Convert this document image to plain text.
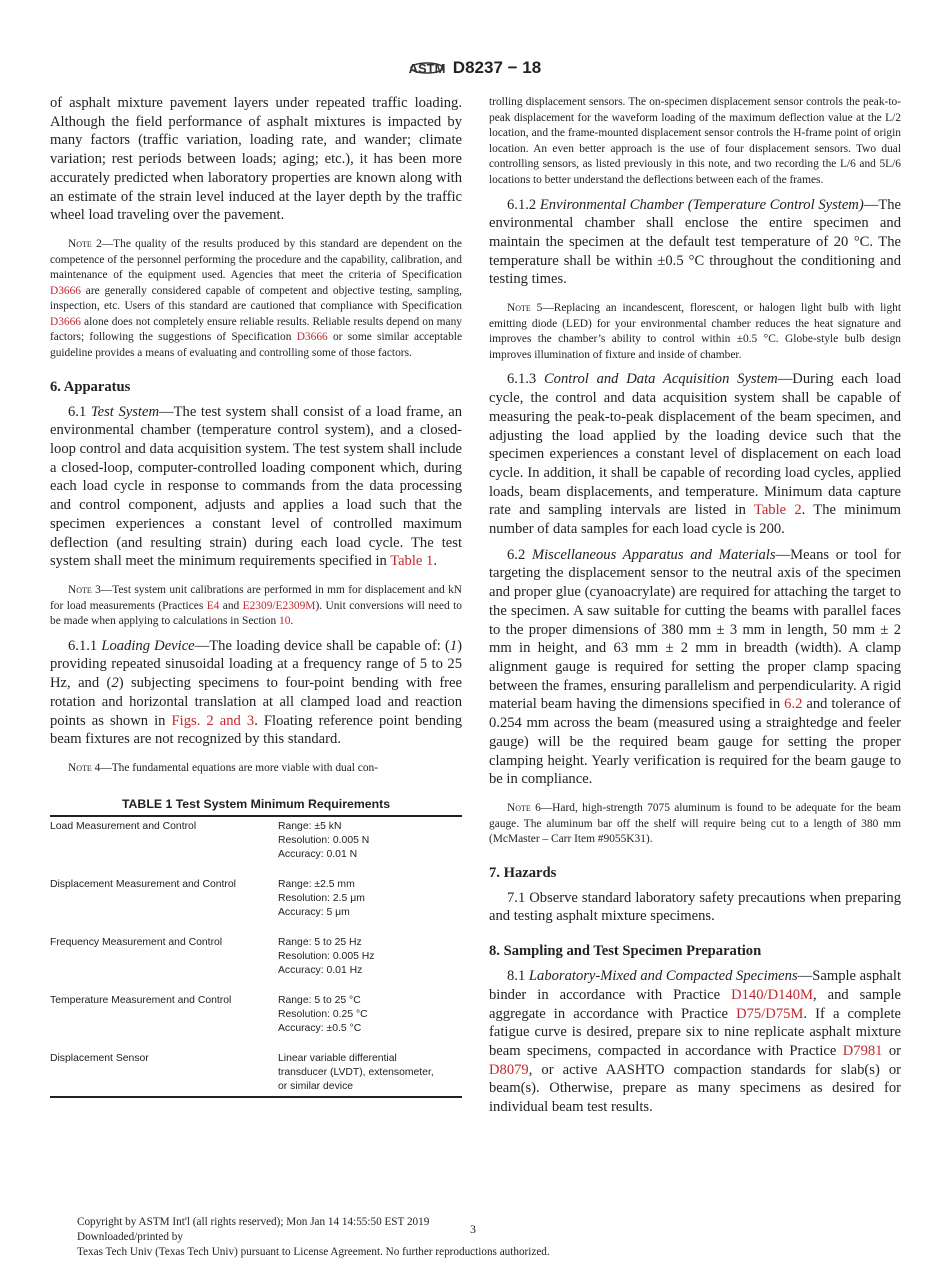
ASTM D8237 − 18

of asphalt mixture pavement layers under repeated traffic loading. Although the field performance of asphalt mixtures is impacted by many factors (traffic variation, loading rate, and wander; climate variation; rest periods between loads; aging; etc.), it has been more accurately predicted when laboratory properties are known along with an estimate of the strain level induced at the layer depth by the traffic wheel load traveling over the pavement.

Note 2—The quality of the results produced by this standard are dependent on the competence of the personnel performing the procedure and the capability, calibration, and maintenance of the equipment used. Agencies that meet the criteria of Specification D3666 are generally considered capable of competent and objective testing, sampling, inspection, etc. Users of this standard are cautioned that compliance with Specification D3666 alone does not completely ensure reliable results. Reliable results depend on many factors; following the suggestions of Specification D3666 or some similar acceptable guideline provides a means of evaluating and controlling some of those factors.

6. Apparatus

6.1 Test System—The test system shall consist of a load frame, an environmental chamber (temperature control system), and a closed-loop control and data acquisition system. The test system shall include a closed-loop, computer-controlled loading component which, during each load cycle in response to commands from the data processing and control component, adjusts and applies a load such that the specimen experiences a constant level of controlled maximum deflection (and resulting strain) during each load cycle. The test system shall meet the minimum requirements specified in Table 1.

Note 3—Test system unit calibrations are performed in mm for displacement and kN for load measurements (Practices E4 and E2309/E2309M). Unit conversions will need to be made when applying to calculations in Section 10.

6.1.1 Loading Device—The loading device shall be capable of: (1) providing repeated sinusoidal loading at a frequency range of 5 to 25 Hz, and (2) subjecting specimens to four-point bending with free rotation and horizontal translation at all clamped load and reaction points as shown in Figs. 2 and 3. Floating reference point bending beam fixtures are not recognized by this standard.

Note 4—The fundamental equations are more viable with dual con-

TABLE 1 Test System Minimum Requirements
Load Measurement and Control	Range: ±5 kN
Resolution: 0.005 N
Accuracy: 0.01 N

Displacement Measurement and Control	Range: ±2.5 mm
Resolution: 2.5 μm
Accuracy: 5 μm

Frequency Measurement and Control	Range: 5 to 25 Hz
Resolution: 0.005 Hz
Accuracy: 0.01 Hz

Temperature Measurement and Control	Range: 5 to 25 °C
Resolution: 0.25 °C
Accuracy: ±0.5 °C

Displacement Sensor	Linear variable differential
transducer (LVDT), extensometer,
or similar device

trolling displacement sensors. The on-specimen displacement sensor controls the peak-to-peak displacement for the waveform loading of the maximum deflection value at the L/2 location, and the frame-mounted displacement sensor controls the H-frame point of origin location. An even better approach is the use of four displacement sensors. Two dual controlling sensors, as listed previously in this note, and two recording the L/6 and 5L/6 locations to better understand the deflections between each of the frames.

6.1.2 Environmental Chamber (Temperature Control System)—The environmental chamber shall enclose the entire specimen and maintain the specimen at the default test temperature of 20 °C. The temperature shall be within ±0.5 °C throughout the conditioning and testing times.

Note 5—Replacing an incandescent, florescent, or halogen light bulb with light emitting diode (LED) for your environmental chamber reduces the heat signature and improves the chamber’s ability to control within ±0.5 °C. Globe-style bulb design improves illumination of fixture and inside of chamber.

6.1.3 Control and Data Acquisition System—During each load cycle, the control and data acquisition system shall be capable of measuring the peak-to-peak displacement of the beam specimen, and adjusting the load applied by the loading device such that the specimen experiences a constant level of displacement on each load cycle. In addition, it shall be capable of recording load cycles, applied loads, beam displacements, and temperature. Minimum data capture rate and sampling intervals are listed in Table 2. The minimum number of data samples for each load cycle is 200.

6.2 Miscellaneous Apparatus and Materials—Means or tool for targeting the displacement sensor to the neutral axis of the specimen and proper glue (cyanoacrylate) are required for attaching the target to the specimen. A saw suitable for cutting the beams with parallel faces to the proper dimensions of 380 mm ± 3 mm in length, 50 mm ± 2 mm in height, and 63 mm ± 2 mm in breadth (width). A clamp alignment gauge is required for setting the proper clamp spacing between the frames, ensuring parallelism and perpendicularity. A rigid material beam having the dimensions specified in 6.2 and tolerance of 0.254 mm across the beam (measured using a straightedge and feeler gauge) will be the required beam gauge for setting the proper clamping height. Yearly verification is required for the beam gauge to be in compliance.

Note 6—Hard, high-strength 7075 aluminum is found to be adequate for the beam gauge. The aluminum bar off the shelf will require being cut to a length of 380 mm (McMaster – Carr Item #9055K31).

7. Hazards

7.1 Observe standard laboratory safety precautions when preparing and testing asphalt mixture specimens.

8. Sampling and Test Specimen Preparation

8.1 Laboratory-Mixed and Compacted Specimens—Sample asphalt binder in accordance with Practice D140/D140M, and sample aggregate in accordance with Practice D75/D75M. If a complete fatigue curve is desired, prepare six to nine replicate asphalt mixture beam specimens, compacted in accordance with Practice D7981 or D8079, or active AASHTO compaction standards for slab(s) or beam(s). Otherwise, prepare as many specimens as desired for individual beam test results.

Copyright by ASTM Int'l (all rights reserved); Mon Jan 14 14:55:50 EST 2019
Downloaded/printed by
Texas Tech Univ (Texas Tech Univ) pursuant to License Agreement. No further reproductions authorized.
3
